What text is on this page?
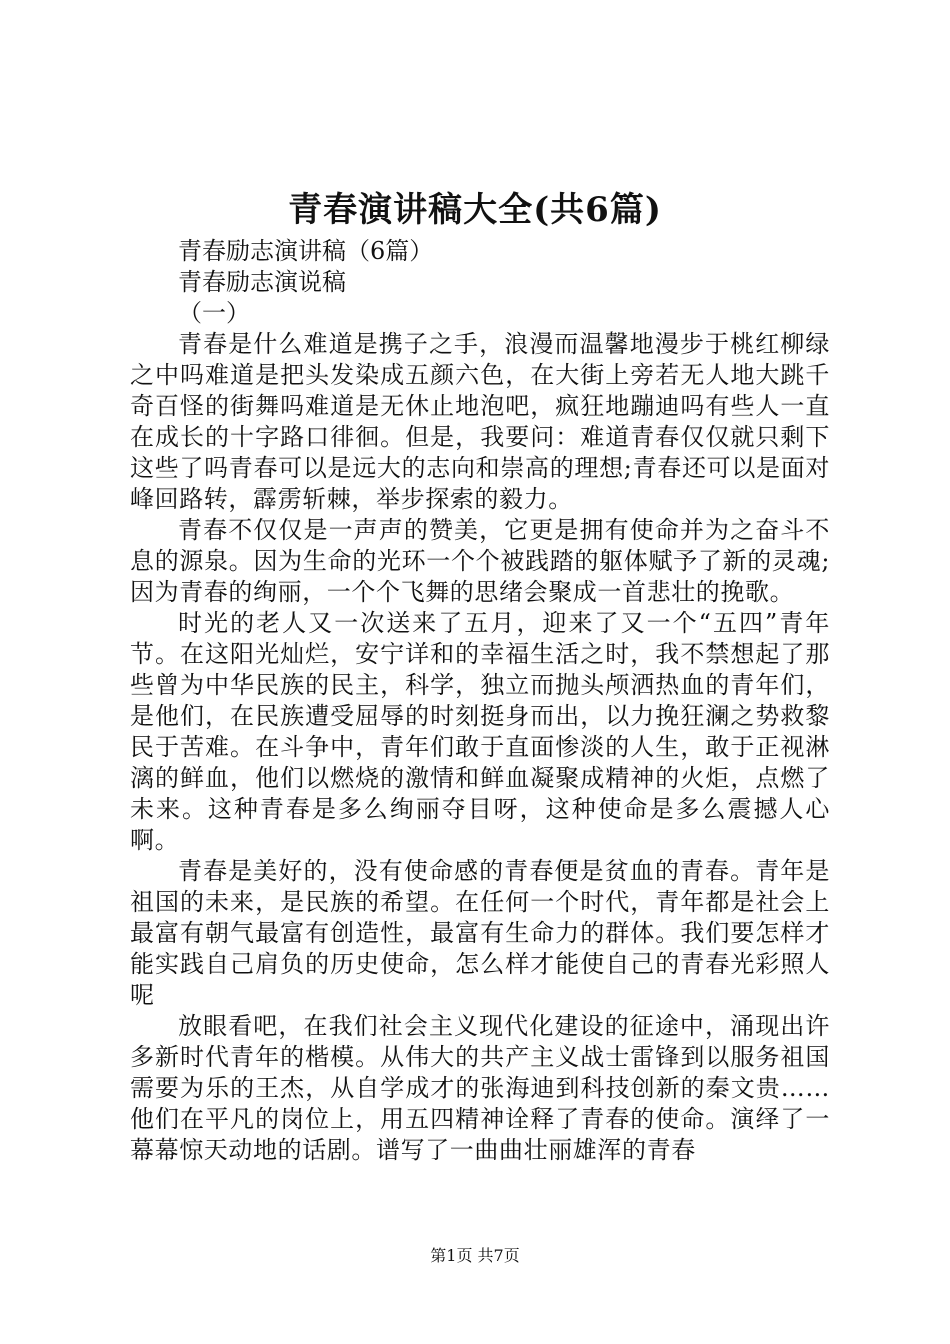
青春演讲稿大全(共6篇)

青春励志演讲稿（6篇）

青春励志演说稿

（一）

青春是什么难道是携子之手，浪漫而温馨地漫步于桃红柳绿之中吗难道是把头发染成五颜六色，在大街上旁若无人地大跳千奇百怪的街舞吗难道是无休止地泡吧，疯狂地蹦迪吗有些人一直在成长的十字路口徘徊。但是，我要问：难道青春仅仅就只剩下这些了吗青春可以是远大的志向和崇高的理想;青春还可以是面对峰回路转，霹雳斩棘，举步探索的毅力。

青春不仅仅是一声声的赞美，它更是拥有使命并为之奋斗不息的源泉。因为生命的光环一个个被践踏的躯体赋予了新的灵魂;因为青春的绚丽，一个个飞舞的思绪会聚成一首悲壮的挽歌。

时光的老人又一次送来了五月，迎来了又一个“五四”青年节。在这阳光灿烂，安宁详和的幸福生活之时，我不禁想起了那些曾为中华民族的民主，科学，独立而抛头颅洒热血的青年们，是他们，在民族遭受屈辱的时刻挺身而出，以力挽狂澜之势救黎民于苦难。在斗争中，青年们敢于直面惨淡的人生，敢于正视淋漓的鲜血，他们以燃烧的激情和鲜血凝聚成精神的火炬，点燃了未来。这种青春是多么绚丽夺目呀，这种使命是多么震撼人心啊。

青春是美好的，没有使命感的青春便是贫血的青春。青年是祖国的未来，是民族的希望。在任何一个时代，青年都是社会上最富有朝气最富有创造性，最富有生命力的群体。我们要怎样才能实践自己肩负的历史使命，怎么样才能使自己的青春光彩照人呢

放眼看吧，在我们社会主义现代化建设的征途中，涌现出许多新时代青年的楷模。从伟大的共产主义战士雷锋到以服务祖国需要为乐的王杰，从自学成才的张海迪到科技创新的秦文贵……他们在平凡的岗位上，用五四精神诠释了青春的使命。演绎了一幕幕惊天动地的话剧。谱写了一曲曲壮丽雄浑的青春

第1页 共7页
